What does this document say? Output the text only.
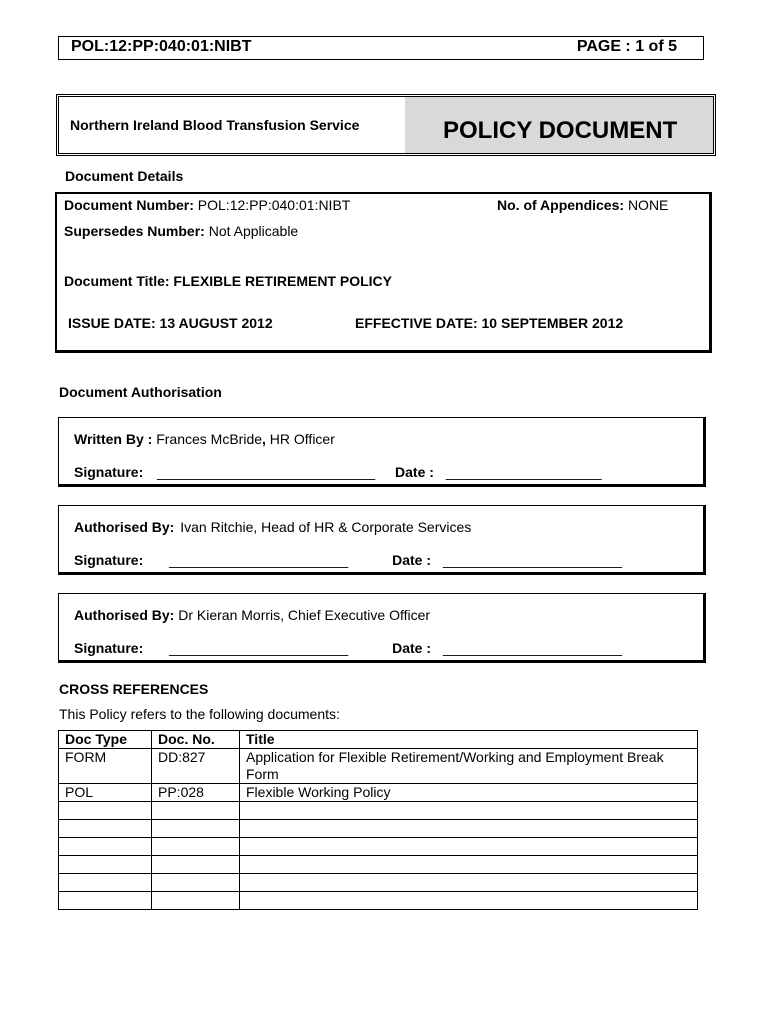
POL:12:PP:040:01:NIBT	PAGE : 1 of 5
Northern Ireland Blood Transfusion Service	POLICY DOCUMENT
Document Details
Document Number: POL:12:PP:040:01:NIBT	No. of Appendices: NONE
Supersedes Number: Not Applicable
Document Title: FLEXIBLE RETIREMENT POLICY
ISSUE DATE: 13 AUGUST 2012	EFFECTIVE DATE: 10 SEPTEMBER 2012
Document Authorisation
Written By : Frances McBride, HR Officer
Signature: ____________________________ Date : ____________________
Authorised By: Ivan Ritchie, Head of HR & Corporate Services
Signature: _______________________	Date : _______________________
Authorised By: Dr Kieran Morris, Chief Executive Officer
Signature: _______________________	Date : _______________________
CROSS REFERENCES
This Policy refers to the following documents:
Doc Type	Doc. No.	Title
FORM	DD:827	Application for Flexible Retirement/Working and Employment Break Form
POL	PP:028	Flexible Working Policy
